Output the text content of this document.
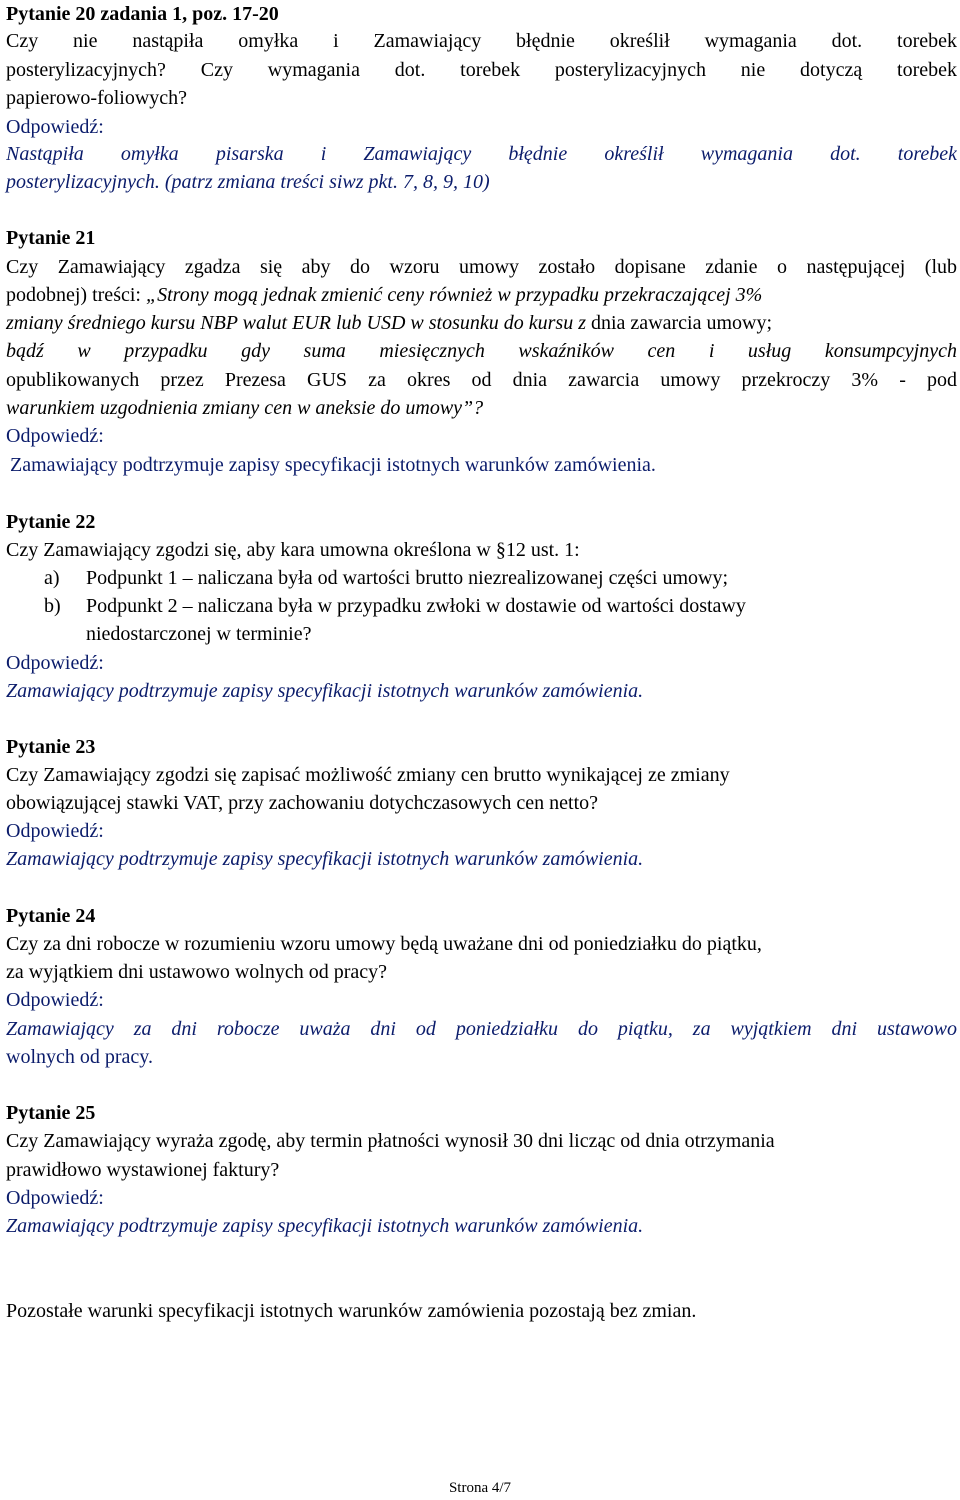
Pytanie 20 zadania 1, poz. 17-20
Czy nie nastąpiła omyłka i Zamawiający błędnie określił wymagania dot. torebek
posterylizacyjnych? Czy wymagania dot. torebek posterylizacyjnych nie dotyczą torebek
papierowo-foliowych?
Odpowiedź:
Nastąpiła omyłka pisarska i Zamawiający błędnie określił wymagania dot. torebek
posterylizacyjnych. (patrz zmiana treści siwz pkt. 7, 8, 9, 10)
Pytanie 21
Czy Zamawiający zgadza się aby do wzoru umowy zostało dopisane zdanie o następującej (lub
podobnej) treści: „Strony mogą jednak zmienić ceny również w przypadku przekraczającej 3%
zmiany średniego kursu NBP walut EUR lub USD w stosunku do kursu z dnia zawarcia umowy;
bądź w przypadku gdy suma miesięcznych wskaźników cen i usług konsumpcyjnych
opublikowanych przez Prezesa GUS za okres od dnia zawarcia umowy przekroczy 3% - pod
warunkiem uzgodnienia zmiany cen w aneksie do umowy”?
Odpowiedź:
Zamawiający podtrzymuje zapisy specyfikacji istotnych warunków zamówienia.
Pytanie 22
Czy Zamawiający zgodzi się, aby kara umowna określona w §12 ust. 1:
a) Podpunkt 1 – naliczana była od wartości brutto niezrealizowanej części umowy;
b) Podpunkt 2 – naliczana była w przypadku zwłoki w dostawie od wartości dostawy
niedostarczonej w terminie?
Odpowiedź:
Zamawiający podtrzymuje zapisy specyfikacji istotnych warunków zamówienia.
Pytanie 23
Czy Zamawiający zgodzi się zapisać możliwość zmiany cen brutto wynikającej ze zmiany
obowiązującej stawki VAT, przy zachowaniu dotychczasowych cen netto?
Odpowiedź:
Zamawiający podtrzymuje zapisy specyfikacji istotnych warunków zamówienia.
Pytanie 24
Czy za dni robocze w rozumieniu wzoru umowy będą uważane dni od poniedziałku do piątku,
za wyjątkiem dni ustawowo wolnych od pracy?
Odpowiedź:
Zamawiający za dni robocze uważa dni od poniedziałku do piątku, za wyjątkiem dni ustawowo
wolnych od pracy.
Pytanie 25
Czy Zamawiający wyraża zgodę, aby termin płatności wynosił 30 dni licząc od dnia otrzymania
prawidłowo wystawionej faktury?
Odpowiedź:
Zamawiający podtrzymuje zapisy specyfikacji istotnych warunków zamówienia.
Pozostałe warunki specyfikacji istotnych warunków zamówienia pozostają bez zmian.
Strona 4/7
